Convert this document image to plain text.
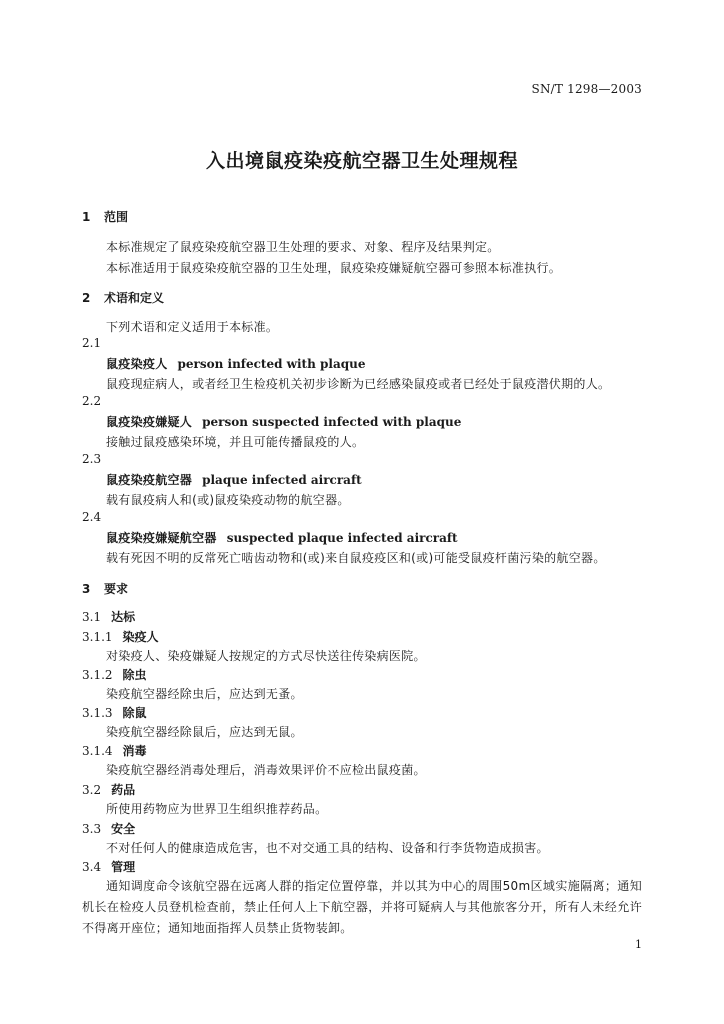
SN/T 1298—2003
入出境鼠疫染疫航空器卫生处理规程
1 范围
本标准规定了鼠疫染疫航空器卫生处理的要求、对象、程序及结果判定。
本标准适用于鼠疫染疫航空器的卫生处理，鼠疫染疫嫌疑航空器可参照本标准执行。
2 术语和定义
下列术语和定义适用于本标准。
2.1
鼠疫染疫人 person infected with plaque
鼠疫现症病人，或者经卫生检疫机关初步诊断为已经感染鼠疫或者已经处于鼠疫潜伏期的人。
2.2
鼠疫染疫嫌疑人 person suspected infected with plaque
接触过鼠疫感染环境，并且可能传播鼠疫的人。
2.3
鼠疫染疫航空器 plaque infected aircraft
载有鼠疫病人和(或)鼠疫染疫动物的航空器。
2.4
鼠疫染疫嫌疑航空器 suspected plaque infected aircraft
载有死因不明的反常死亡啮齿动物和(或)来自鼠疫疫区和(或)可能受鼠疫杆菌污染的航空器。
3 要求
3.1 达标
3.1.1 染疫人
对染疫人、染疫嫌疑人按规定的方式尽快送往传染病医院。
3.1.2 除虫
染疫航空器经除虫后，应达到无蚤。
3.1.3 除鼠
染疫航空器经除鼠后，应达到无鼠。
3.1.4 消毒
染疫航空器经消毒处理后，消毒效果评价不应检出鼠疫菌。
3.2 药品
所使用药物应为世界卫生组织推荐药品。
3.3 安全
不对任何人的健康造成危害，也不对交通工具的结构、设备和行李货物造成损害。
3.4 管理
通知调度命令该航空器在远离人群的指定位置停靠，并以其为中心的周围50m区域实施隔离；通知机长在检疫人员登机检查前，禁止任何人上下航空器，并将可疑病人与其他旅客分开，所有人未经允许不得离开座位；通知地面指挥人员禁止货物装卸。
1
